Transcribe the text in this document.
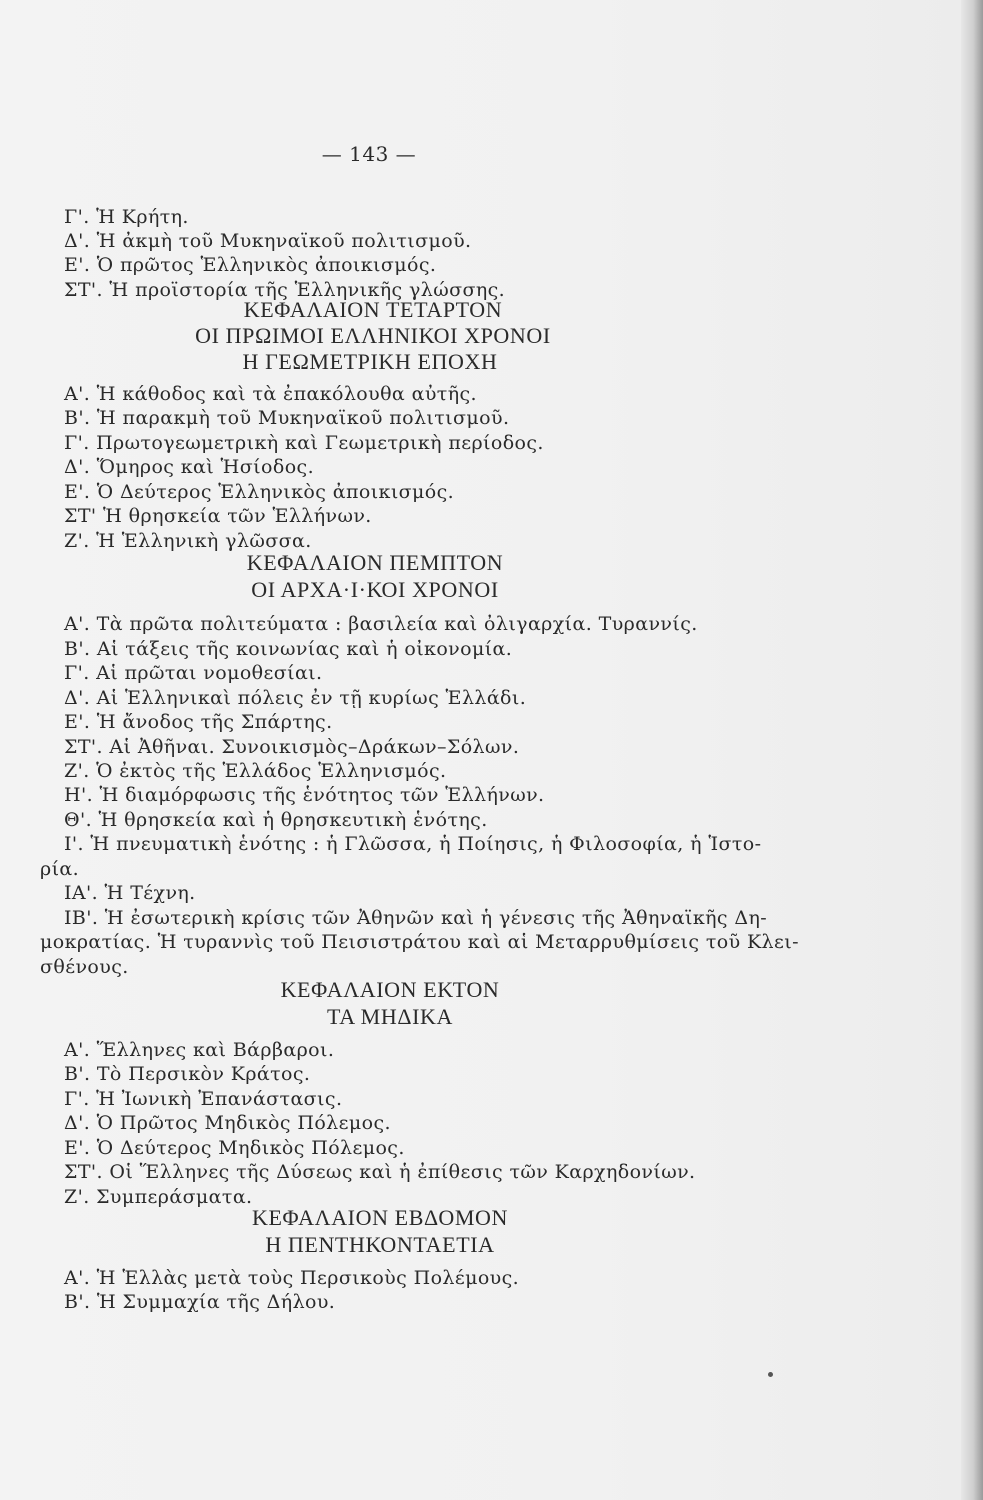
— 143 —
Γ'. Ἡ Κρήτη.
Δ'. Ἡ ἀκμὴ τοῦ Μυκηναϊκοῦ πολιτισμοῦ.
Ε'. Ὁ πρῶτος Ἑλληνικὸς ἀποικισμός.
ΣΤ'. Ἡ προϊστορία τῆς Ἑλληνικῆς γλώσσης.
ΚΕΦΑΛΑΙΟΝ ΤΕΤΑΡΤΟΝ
ΟΙ ΠΡΩΙΜΟΙ ΕΛΛΗΝΙΚΟΙ ΧΡΟΝΟΙ
Η ΓΕΩΜΕΤΡΙΚΗ ΕΠΟΧΗ
Α'. Ἡ κάθοδος καὶ τὰ ἐπακόλουθα αὐτῆς.
Β'. Ἡ παρακμὴ τοῦ Μυκηναϊκοῦ πολιτισμοῦ.
Γ'. Πρωτογεωμετρικὴ καὶ Γεωμετρικὴ περίοδος.
Δ'. Ὅμηρος καὶ Ἡσίοδος.
Ε'. Ὁ Δεύτερος Ἑλληνικὸς ἀποικισμός.
ΣΤ' Ἡ θρησκεία τῶν Ἑλλήνων.
Ζ'. Ἡ Ἑλληνικὴ γλῶσσα.
ΚΕΦΑΛΑΙΟΝ ΠΕΜΠΤΟΝ
ΟΙ ΑΡΧΑ·Ι·ΚΟΙ ΧΡΟΝΟΙ
Α'. Τὰ πρῶτα πολιτεύματα : βασιλεία καὶ ὀλιγαρχία. Τυραννίς.
Β'. Αἱ τάξεις τῆς κοινωνίας καὶ ἡ οἰκονομία.
Γ'. Αἱ πρῶται νομοθεσίαι.
Δ'. Αἱ Ἑλληνικαὶ πόλεις ἐν τῇ κυρίως Ἑλλάδι.
Ε'. Ἡ ἄνοδος τῆς Σπάρτης.
ΣΤ'. Αἱ Ἀθῆναι. Συνοικισμὸς–Δράκων–Σόλων.
Ζ'. Ὁ ἐκτὸς τῆς Ἑλλάδος Ἑλληνισμός.
Η'. Ἡ διαμόρφωσις τῆς ἑνότητος τῶν Ἑλλήνων.
Θ'. Ἡ θρησκεία καὶ ἡ θρησκευτικὴ ἑνότης.
Ι'. Ἡ πνευματικὴ ἑνότης : ἡ Γλῶσσα, ἡ Ποίησις, ἡ Φιλοσοφία, ἡ Ἱστο-
ρία.
ΙΑ'. Ἡ Τέχνη.
ΙΒ'. Ἡ ἐσωτερικὴ κρίσις τῶν Ἀθηνῶν καὶ ἡ γένεσις τῆς Ἀθηναϊκῆς Δη-
μοκρατίας. Ἡ τυραννὶς τοῦ Πεισιστράτου καὶ αἱ Μεταρρυθμίσεις τοῦ Κλει-
σθένους.
ΚΕΦΑΛΑΙΟΝ ΕΚΤΟΝ
ΤΑ ΜΗΔΙΚΑ
Α'. Ἕλληνες καὶ Βάρβαροι.
Β'. Τὸ Περσικὸν Κράτος.
Γ'. Ἡ Ἰωνικὴ Ἐπανάστασις.
Δ'. Ὁ Πρῶτος Μηδικὸς Πόλεμος.
Ε'. Ὁ Δεύτερος Μηδικὸς Πόλεμος.
ΣΤ'. Οἱ Ἕλληνες τῆς Δύσεως καὶ ἡ ἐπίθεσις τῶν Καρχηδονίων.
Ζ'. Συμπεράσματα.
ΚΕΦΑΛΑΙΟΝ ΕΒΔΟΜΟΝ
Η ΠΕΝΤΗΚΟΝΤΑΕΤΙΑ
Α'. Ἡ Ἑλλὰς μετὰ τοὺς Περσικοὺς Πολέμους.
Β'. Ἡ Συμμαχία τῆς Δήλου.
